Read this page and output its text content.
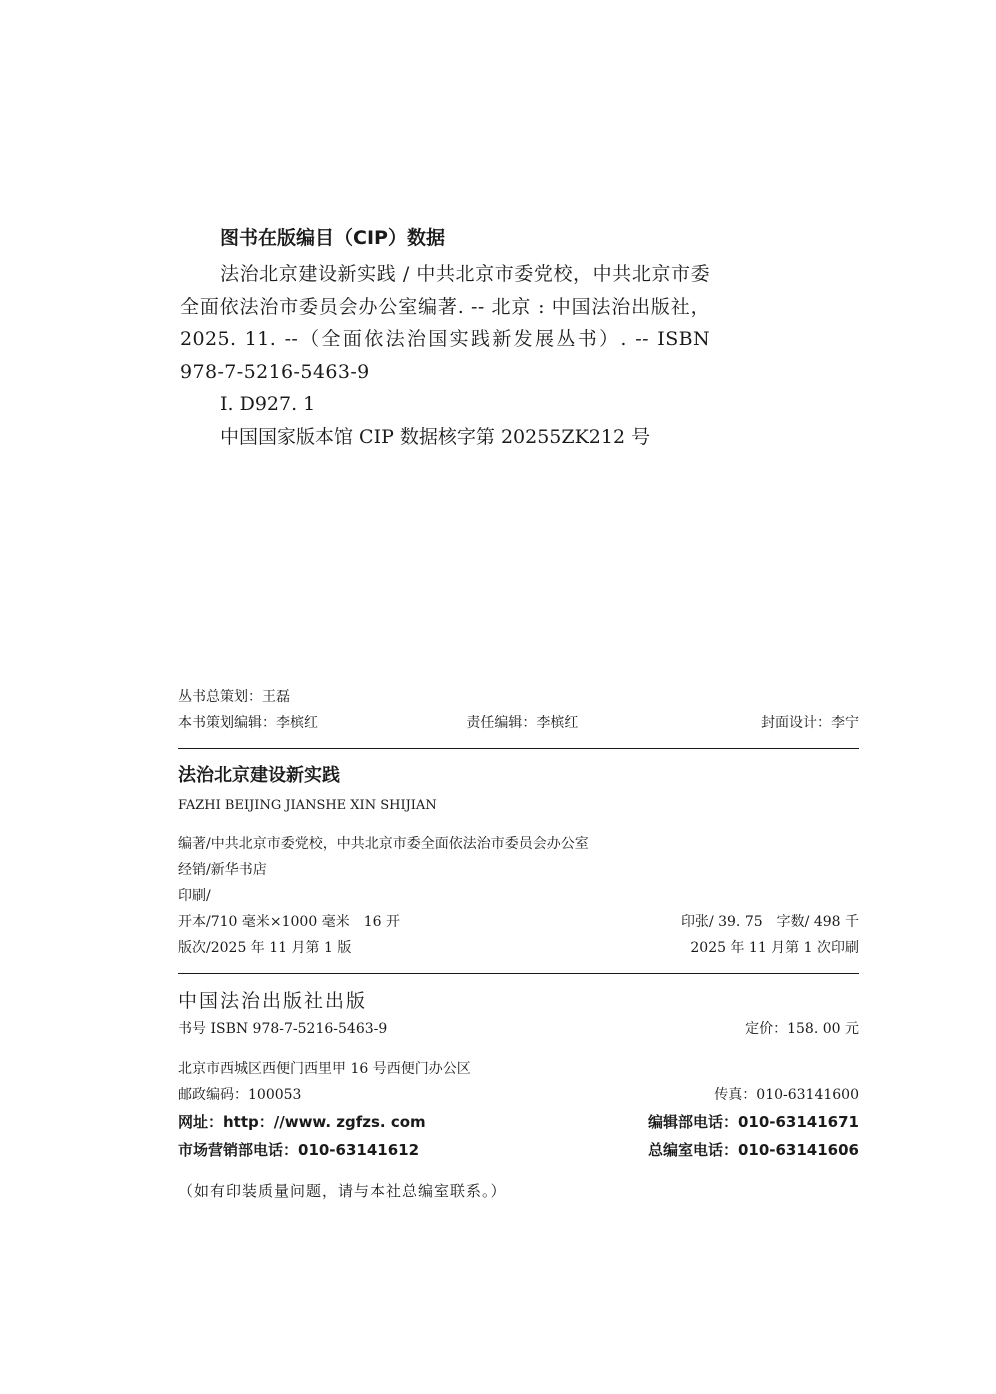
图书在版编目（CIP）数据
法治北京建设新实践 / 中共北京市委党校，中共北京市委全面依法治市委员会办公室编著. -- 北京 : 中国法治出版社，2025. 11. --（全面依法治国实践新发展丛书）. -- ISBN 978-7-5216-5463-9
Ⅰ. D927. 1
中国国家版本馆 CIP 数据核字第 20255ZK212 号
丛书总策划：王磊
本书策划编辑：李槟红	责任编辑：李槟红	封面设计：李宁
法治北京建设新实践
FAZHI BEIJING JIANSHE XIN SHIJIAN
编著/中共北京市委党校，中共北京市委全面依法治市委员会办公室
经销/新华书店
印刷/
开本/710 毫米×1000 毫米　16 开	印张/ 39. 75　字数/ 498 千
版次/2025 年 11 月第 1 版	2025 年 11 月第 1 次印刷
中国法治出版社出版
书号 ISBN 978-7-5216-5463-9	定价：158. 00 元
北京市西城区西便门西里甲 16 号西便门办公区
邮政编码：100053	传真：010-63141600
网址：http：//www. zgfzs. com	编辑部电话：010-63141671
市场营销部电话：010-63141612	总编室电话：010-63141606
（如有印装质量问题，请与本社总编室联系。）
